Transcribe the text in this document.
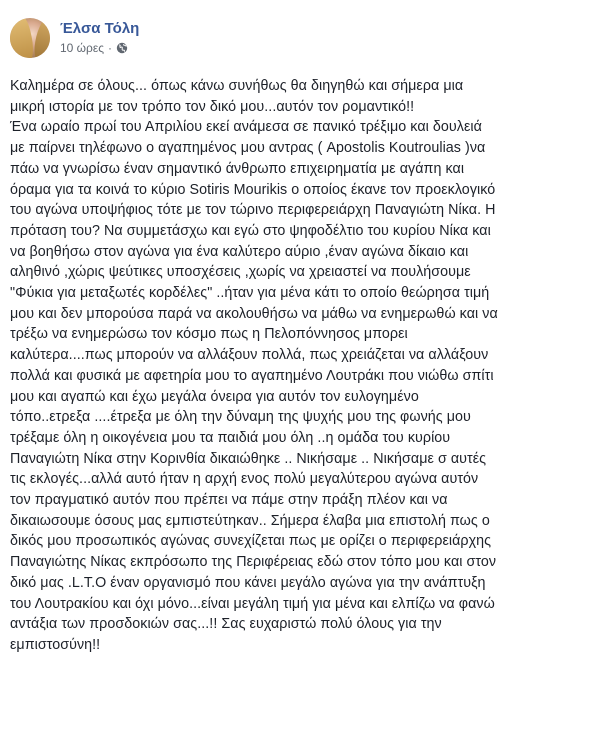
Έλσα Τόλη
10 ώρες ·
Καλημέρα σε όλους... όπως κάνω συνήθως θα διηγηθώ και σήμερα μια
μικρή ιστορία με τον τρόπο τον δικό μου...αυτόν τον ρομαντικό!!
Ένα ωραίο πρωί του Απριλίου εκεί ανάμεσα σε πανικό τρέξιμο και δουλειά
με παίρνει τηλέφωνο ο αγαπημένος μου αντρας ( Apostolis Koutroulias )να
πάω να γνωρίσω έναν σημαντικό άνθρωπο επιχειρηματία με αγάπη και
όραμα για τα κοινά το κύριο Sotiris Mourikis ο οποίος έκανε τον προεκλογικό
του αγώνα υποψήφιος τότε με τον τώρινο περιφερειάρχη Παναγιώτη Νίκα. Η
πρόταση του? Να συμμετάσχω και εγώ στο ψηφοδέλτιο του κυρίου Νίκα και
να βοηθήσω στον αγώνα για ένα καλύτερο αύριο ,έναν αγώνα δίκαιο και
αληθινό ,χώρις ψεύτικες υποσχέσεις ,χωρίς να χρειαστεί να πουλήσουμε
"Φύκια για μεταξωτές κορδέλες" ..ήταν για μένα κάτι το οποίο θεώρησα τιμή
μου και δεν μπορούσα παρά να ακολουθήσω να μάθω να ενημερωθώ και να
τρέξω να ενημερώσω τον κόσμο πως η Πελοπόννησος μπορει
καλύτερα....πως μπορούν να αλλάξουν πολλά, πως χρειάζεται να αλλάξουν
πολλά και φυσικά με αφετηρία μου το αγαπημένο Λουτράκι που νιώθω σπίτι
μου και αγαπώ και έχω μεγάλα όνειρα για αυτόν τον ευλογημένο
τόπο..ετρεξα ....έτρεξα με όλη την δύναμη της ψυχής μου της φωνής μου
τρέξαμε όλη η οικογένεια μου τα παιδιά μου όλη ..η ομάδα του κυρίου
Παναγιώτη Νίκα στην Κορινθία δικαιώθηκε .. Νικήσαμε .. Νικήσαμε σ αυτές
τις εκλογές...αλλά αυτό ήταν η αρχή ενος πολύ μεγαλύτερου αγώνα αυτόν
τον πραγματικό αυτόν που πρέπει να πάμε στην πράξη πλέον και να
δικαιωσουμε όσους μας εμπιστεύτηκαν.. Σήμερα έλαβα μια επιστολή πως ο
δικός μου προσωπικός αγώνας συνεχίζεται πως με ορίζει ο περιφερειάρχης
Παναγιώτης Νίκας εκπρόσωπο της Περιφέρειας εδώ στον τόπο μου και στον
δικό μας .L.T.O έναν οργανισμό που κάνει μεγάλο αγώνα για την ανάπτυξη
του Λουτρακίου και όχι μόνο...είναι μεγάλη τιμή για μένα και ελπίζω να φανώ
αντάξια των προσδοκιών σας...!! Σας ευχαριστώ πολύ όλους για την
εμπιστοσύνη!!
